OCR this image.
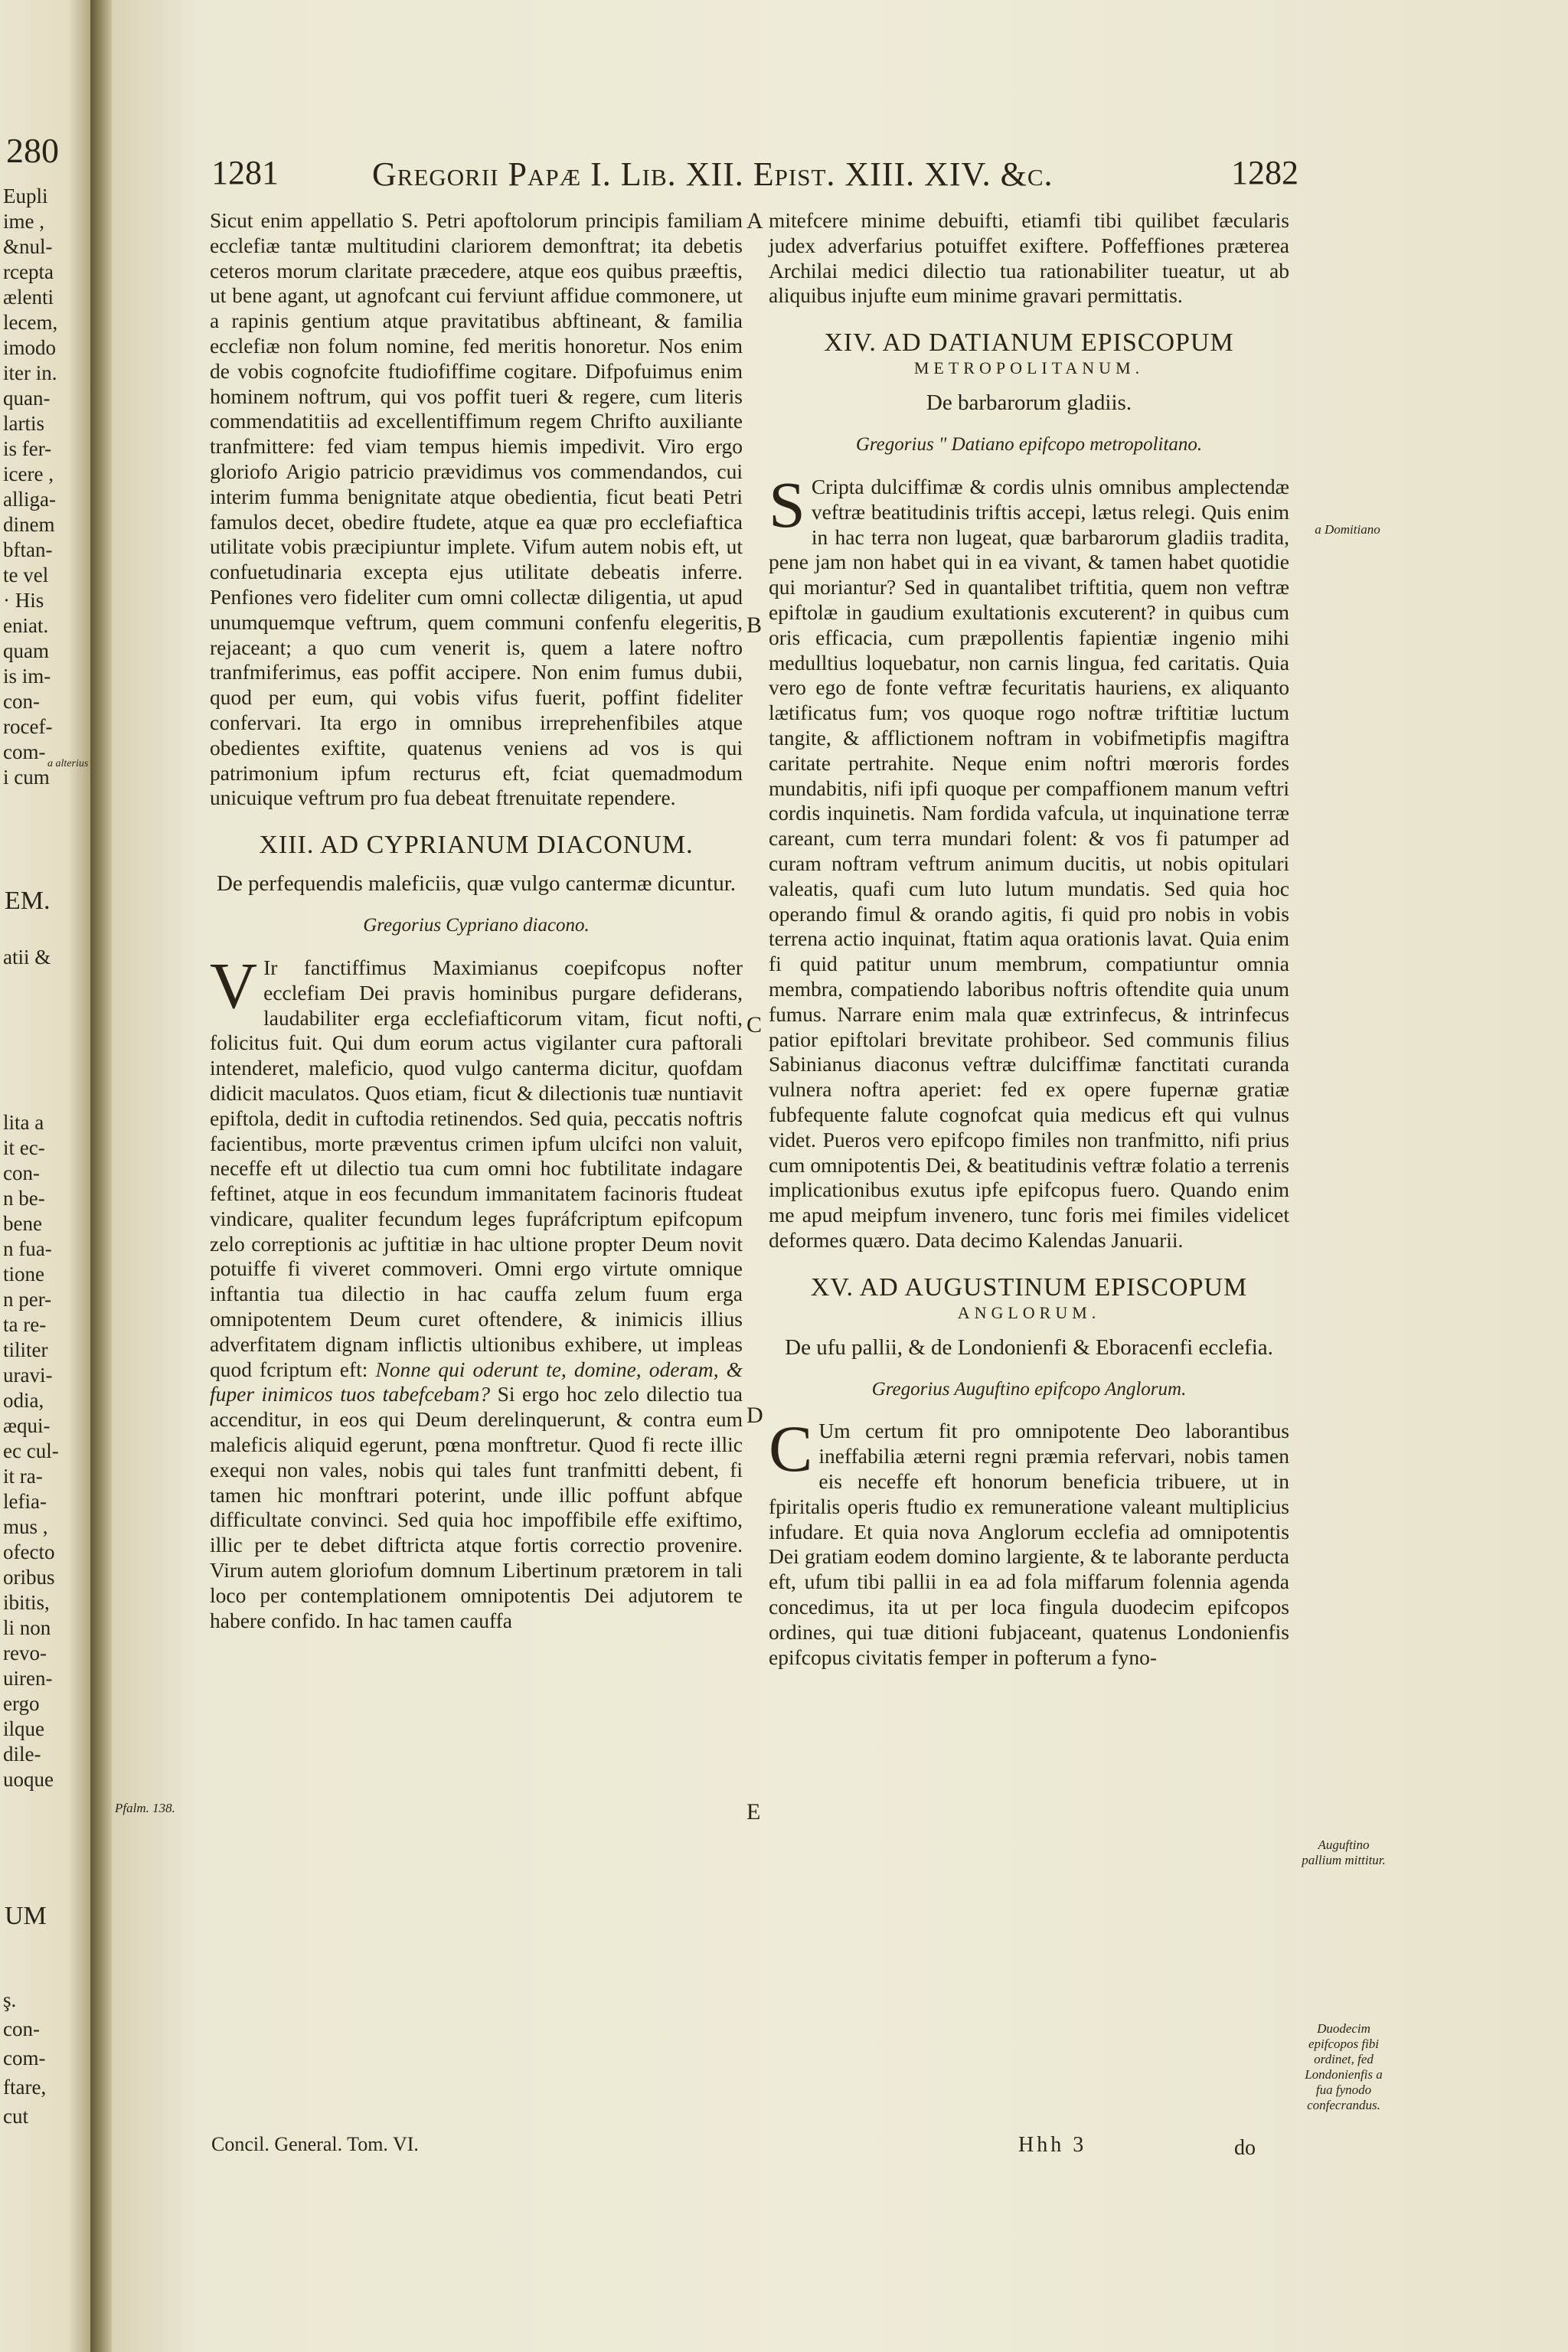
280
Eupli
ime ,
&nul-
rcepta
ælenti
lecem,
imodo
iter in.
quan-
lartis
is fer-
icere ,
alliga-
dinem
bftan-
te vel
· His
eniat.
quam
is im-
con-
rocef-
com-
i cum
EM.
atii &
lita a
it ec-
con-
n be-
bene
n fua-
tione
n per-
ta re-
tiliter
uravi-
odia,
æqui-
ec cul-
it ra-
lefia-
mus ,
ofecto
oribus
ibitis,
li non
revo-
uiren-
ergo
ilque
dile-
uoque
UM
ş.
con-
com-
ftare,
cut
a alterius
1281	Gregorii Papæ I. Lib. XII. Epist. XIII. XIV. &c.	1282

Sicut enim appellatio S. Petri apoftolorum principis familiam ecclefiæ tantæ multitudini clariorem demonftrat; ita debetis ceteros morum claritate præcedere, atque eos quibus præeftis, ut bene agant, ut agnofcant cui ferviunt affidue commonere, ut a rapinis gentium atque pravitatibus abftineant, & familia ecclefiæ non folum nomine, fed meritis honoretur. Nos enim de vobis cognofcite ftudiofiffime cogitare. Difpofuimus enim hominem noftrum, qui vos poffit tueri & regere, cum literis commendatitiis ad excellentiffimum regem Chrifto auxiliante tranfmittere: fed viam tempus hiemis impedivit. Viro ergo gloriofo Arigio patricio prævidimus vos commendandos, cui interim fumma benignitate atque obedientia, ficut beati Petri famulos decet, obedire ftudete, atque ea quæ pro ecclefiaftica utilitate vobis præcipiuntur implete. Vifum autem nobis eft, ut confuetudinaria excepta ejus utilitate debeatis inferre. Penfiones vero fideliter cum omni collectæ diligentia, ut apud unumquemque veftrum, quem communi confenfu elegeritis, rejaceant; a quo cum venerit is, quem a latere noftro tranfmiferimus, eas poffit accipere. Non enim fumus dubii, quod per eum, qui vobis vifus fuerit, poffint fideliter confervari. Ita ergo in omnibus irreprehenfibiles atque obedientes exiftite, quatenus veniens ad vos is qui patrimonium ipfum recturus eft, fciat quemadmodum unicuique veftrum pro fua debeat ftrenuitate rependere.

XIII. AD CYPRIANUM DIACONUM.
De perfequendis maleficiis, quæ vulgo cantermæ dicuntur.
Gregorius Cypriano diacono.

V Ir fanctiffimus Maximianus coepifcopus nofter ecclefiam Dei pravis hominibus purgare defiderans, laudabiliter erga ecclefiafticorum vitam, ficut nofti, folicitus fuit. Qui dum eorum actus vigilanter cura paftorali intenderet, maleficio, quod vulgo canterma dicitur, quofdam didicit maculatos. Quos etiam, ficut & dilectionis tuæ nuntiavit epiftola, dedit in cuftodia retinendos. Sed quia, peccatis noftris facientibus, morte præventus crimen ipfum ulcifci non valuit, neceffe eft ut dilectio tua cum omni hoc fubtilitate indagare feftinet, atque in eos fecundum immanitatem facinoris ftudeat vindicare, qualiter fecundum leges fupráfcriptum epifcopum zelo correptionis ac juftitiæ in hac ultione propter Deum novit potuiffe fi viveret commoveri. Omni ergo virtute omnique inftantia tua dilectio in hac cauffa zelum fuum erga omnipotentem Deum curet oftendere, & inimicis illius adverfitatem dignam inflictis ultionibus exhibere, ut impleas quod fcriptum eft: Nonne qui oderunt te, domine, oderam, & fuper inimicos tuos tabefcebam? Si ergo hoc zelo dilectio tua accenditur, in eos qui Deum derelinquerunt, & contra eum maleficis aliquid egerunt, pœna monftretur. Quod fi recte illic exequi non vales, nobis qui tales funt tranfmitti debent, fi tamen hic monftrari poterint, unde illic poffunt abfque difficultate convinci. Sed quia hoc impoffibile effe exiftimo, illic per te debet diftricta atque fortis correctio provenire. Virum autem gloriofum domnum Libertinum prætorem in tali loco per contemplationem omnipotentis Dei adjutorem te habere confido. In hac tamen cauffa

mitefcere minime debuifti, etiamfi tibi quilibet fæcularis judex adverfarius potuiffet exiftere. Poffeffiones præterea Archilai medici dilectio tua rationabiliter tueatur, ut ab aliquibus injufte eum minime gravari permittatis.

XIV. AD DATIANUM EPISCOPUM
METROPOLITANUM.
De barbarorum gladiis.
Gregorius " Datiano epifcopo metropolitano.

S Cripta dulciffimæ & cordis ulnis omnibus amplectendæ veftræ beatitudinis triftis accepi, lætus relegi. Quis enim in hac terra non lugeat, quæ barbarorum gladiis tradita, pene jam non habet qui in ea vivant, & tamen habet quotidie qui moriantur? Sed in quantalibet triftitia, quem non veftræ epiftolæ in gaudium exultationis excuterent? in quibus cum oris efficacia, cum præpollentis fapientiæ ingenio mihi medulltius loquebatur, non carnis lingua, fed caritatis. Quia vero ego de fonte veftræ fecuritatis hauriens, ex aliquanto lætificatus fum; vos quoque rogo noftræ triftitiæ luctum tangite, & afflictionem noftram in vobifmetipfis magiftra caritate pertrahite. Neque enim noftri mœroris fordes mundabitis, nifi ipfi quoque per compaffionem manum veftri cordis inquinetis. Nam fordida vafcula, ut inquinatione terræ careant, cum terra mundari folent: & vos fi patumper ad curam noftram veftrum animum ducitis, ut nobis opitulari valeatis, quafi cum luto lutum mundatis. Sed quia hoc operando fimul & orando agitis, fi quid pro nobis in vobis terrena actio inquinat, ftatim aqua orationis lavat. Quia enim fi quid patitur unum membrum, compatiuntur omnia membra, compatiendo laboribus noftris oftendite quia unum fumus. Narrare enim mala quæ extrinfecus, & intrinfecus patior epiftolari brevitate prohibeor. Sed communis filius Sabinianus diaconus veftræ dulciffimæ fanctitati curanda vulnera noftra aperiet: fed ex opere fupernæ gratiæ fubfequente falute cognofcat quia medicus eft qui vulnus videt. Pueros vero epifcopo fimiles non tranfmitto, nifi prius cum omnipotentis Dei, & beatitudinis veftræ folatio a terrenis implicationibus exutus ipfe epifcopus fuero. Quando enim me apud meipfum invenero, tunc foris mei fimiles videlicet deformes quæro. Data decimo Kalendas Januarii.

XV. AD AUGUSTINUM EPISCOPUM
ANGLORUM.
De ufu pallii, & de Londonienfi & Eboracenfi ecclefia.
Gregorius Auguftino epifcopo Anglorum.

C Um certum fit pro omnipotente Deo laborantibus ineffabilia æterni regni præmia refervari, nobis tamen eis neceffe eft honorum beneficia tribuere, ut in fpiritalis operis ftudio ex remuneratione valeant multiplicius infudare. Et quia nova Anglorum ecclefia ad omnipotentis Dei gratiam eodem domino largiente, & te laborante perducta eft, ufum tibi pallii in ea ad fola miffarum folennia agenda concedimus, ita ut per loca fingula duodecim epifcopos ordines, qui tuæ ditioni fubjaceant, quatenus Londonienfis epifcopus civitatis femper in pofterum a fyno-

A
B
C
D
E
a Domitiano
Auguftino pallium mittitur.
Duodecim epifcopos fibi ordinet, fed Londonienfis a fua fynodo confecrandus.
Pfalm. 138.
Concil. General. Tom. VI.	Hhh 3	do
